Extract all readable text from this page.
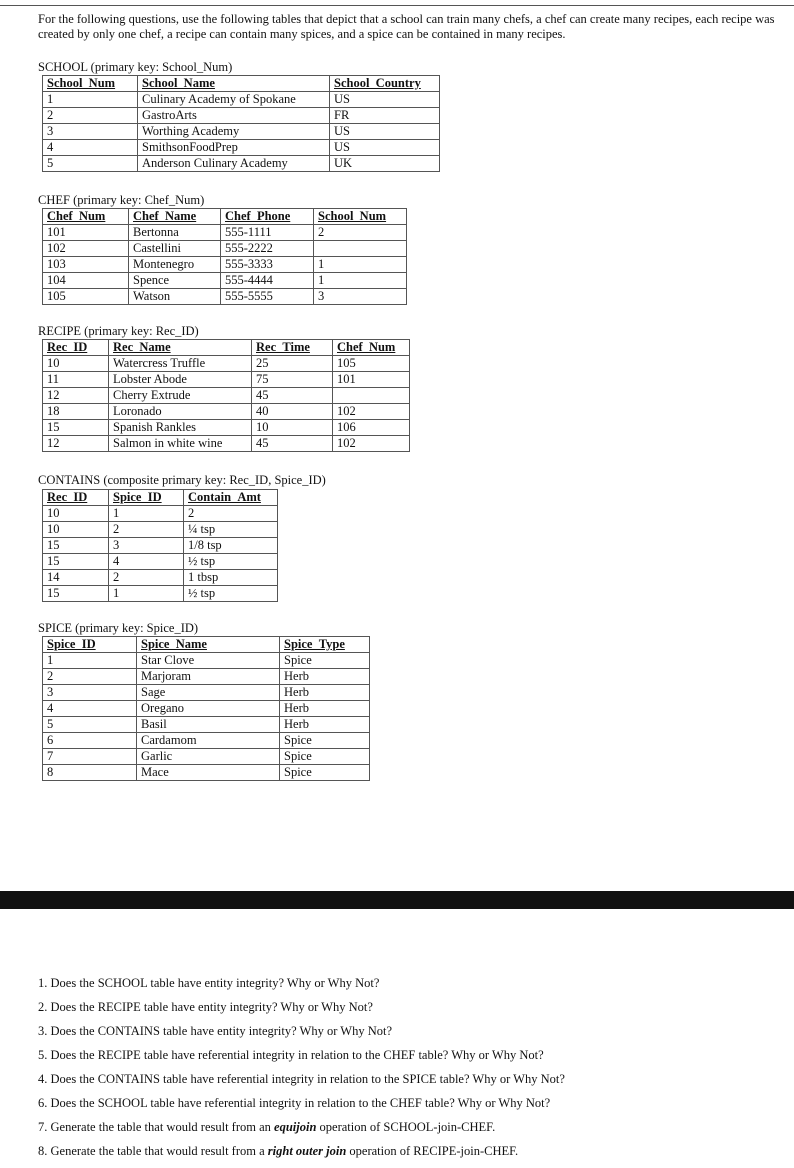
For the following questions, use the following tables that depict that a school can train many chefs, a chef can create many recipes, each recipe was created by only one chef, a recipe can contain many spices, and a spice can be contained in many recipes.
SCHOOL (primary key: School_Num)
School_Num	School_Name	School_Country
1	Culinary Academy of Spokane	US
2	GastroArts	FR
3	Worthing Academy	US
4	SmithsonFoodPrep	US
5	Anderson Culinary Academy	UK
CHEF (primary key: Chef_Num)
Chef_Num	Chef_Name	Chef_Phone	School_Num
101	Bertonna	555-1111	2
102	Castellini	555-2222	
103	Montenegro	555-3333	1
104	Spence	555-4444	1
105	Watson	555-5555	3
RECIPE (primary key: Rec_ID)
Rec_ID	Rec_Name	Rec_Time	Chef_Num
10	Watercress Truffle	25	105
11	Lobster Abode	75	101
12	Cherry Extrude	45	
18	Loronado	40	102
15	Spanish Rankles	10	106
12	Salmon in white wine	45	102
CONTAINS (composite primary key: Rec_ID, Spice_ID)
Rec_ID	Spice_ID	Contain_Amt
10	1	2
10	2	¼ tsp
15	3	1/8 tsp
15	4	½ tsp
14	2	1 tbsp
15	1	½ tsp
SPICE (primary key: Spice_ID)
Spice_ID	Spice_Name	Spice_Type
1	Star Clove	Spice
2	Marjoram	Herb
3	Sage	Herb
4	Oregano	Herb
5	Basil	Herb
6	Cardamom	Spice
7	Garlic	Spice
8	Mace	Spice
1. Does the SCHOOL table have entity integrity? Why or Why Not?
2. Does the RECIPE table have entity integrity? Why or Why Not?
3. Does the CONTAINS table have entity integrity? Why or Why Not?
5. Does the RECIPE table have referential integrity in relation to the CHEF table? Why or Why Not?
4. Does the CONTAINS table have referential integrity in relation to the SPICE table? Why or Why Not?
6. Does the SCHOOL table have referential integrity in relation to the CHEF table? Why or Why Not?
7. Generate the table that would result from an equijoin operation of SCHOOL-join-CHEF.
8. Generate the table that would result from a right outer join operation of RECIPE-join-CHEF.
